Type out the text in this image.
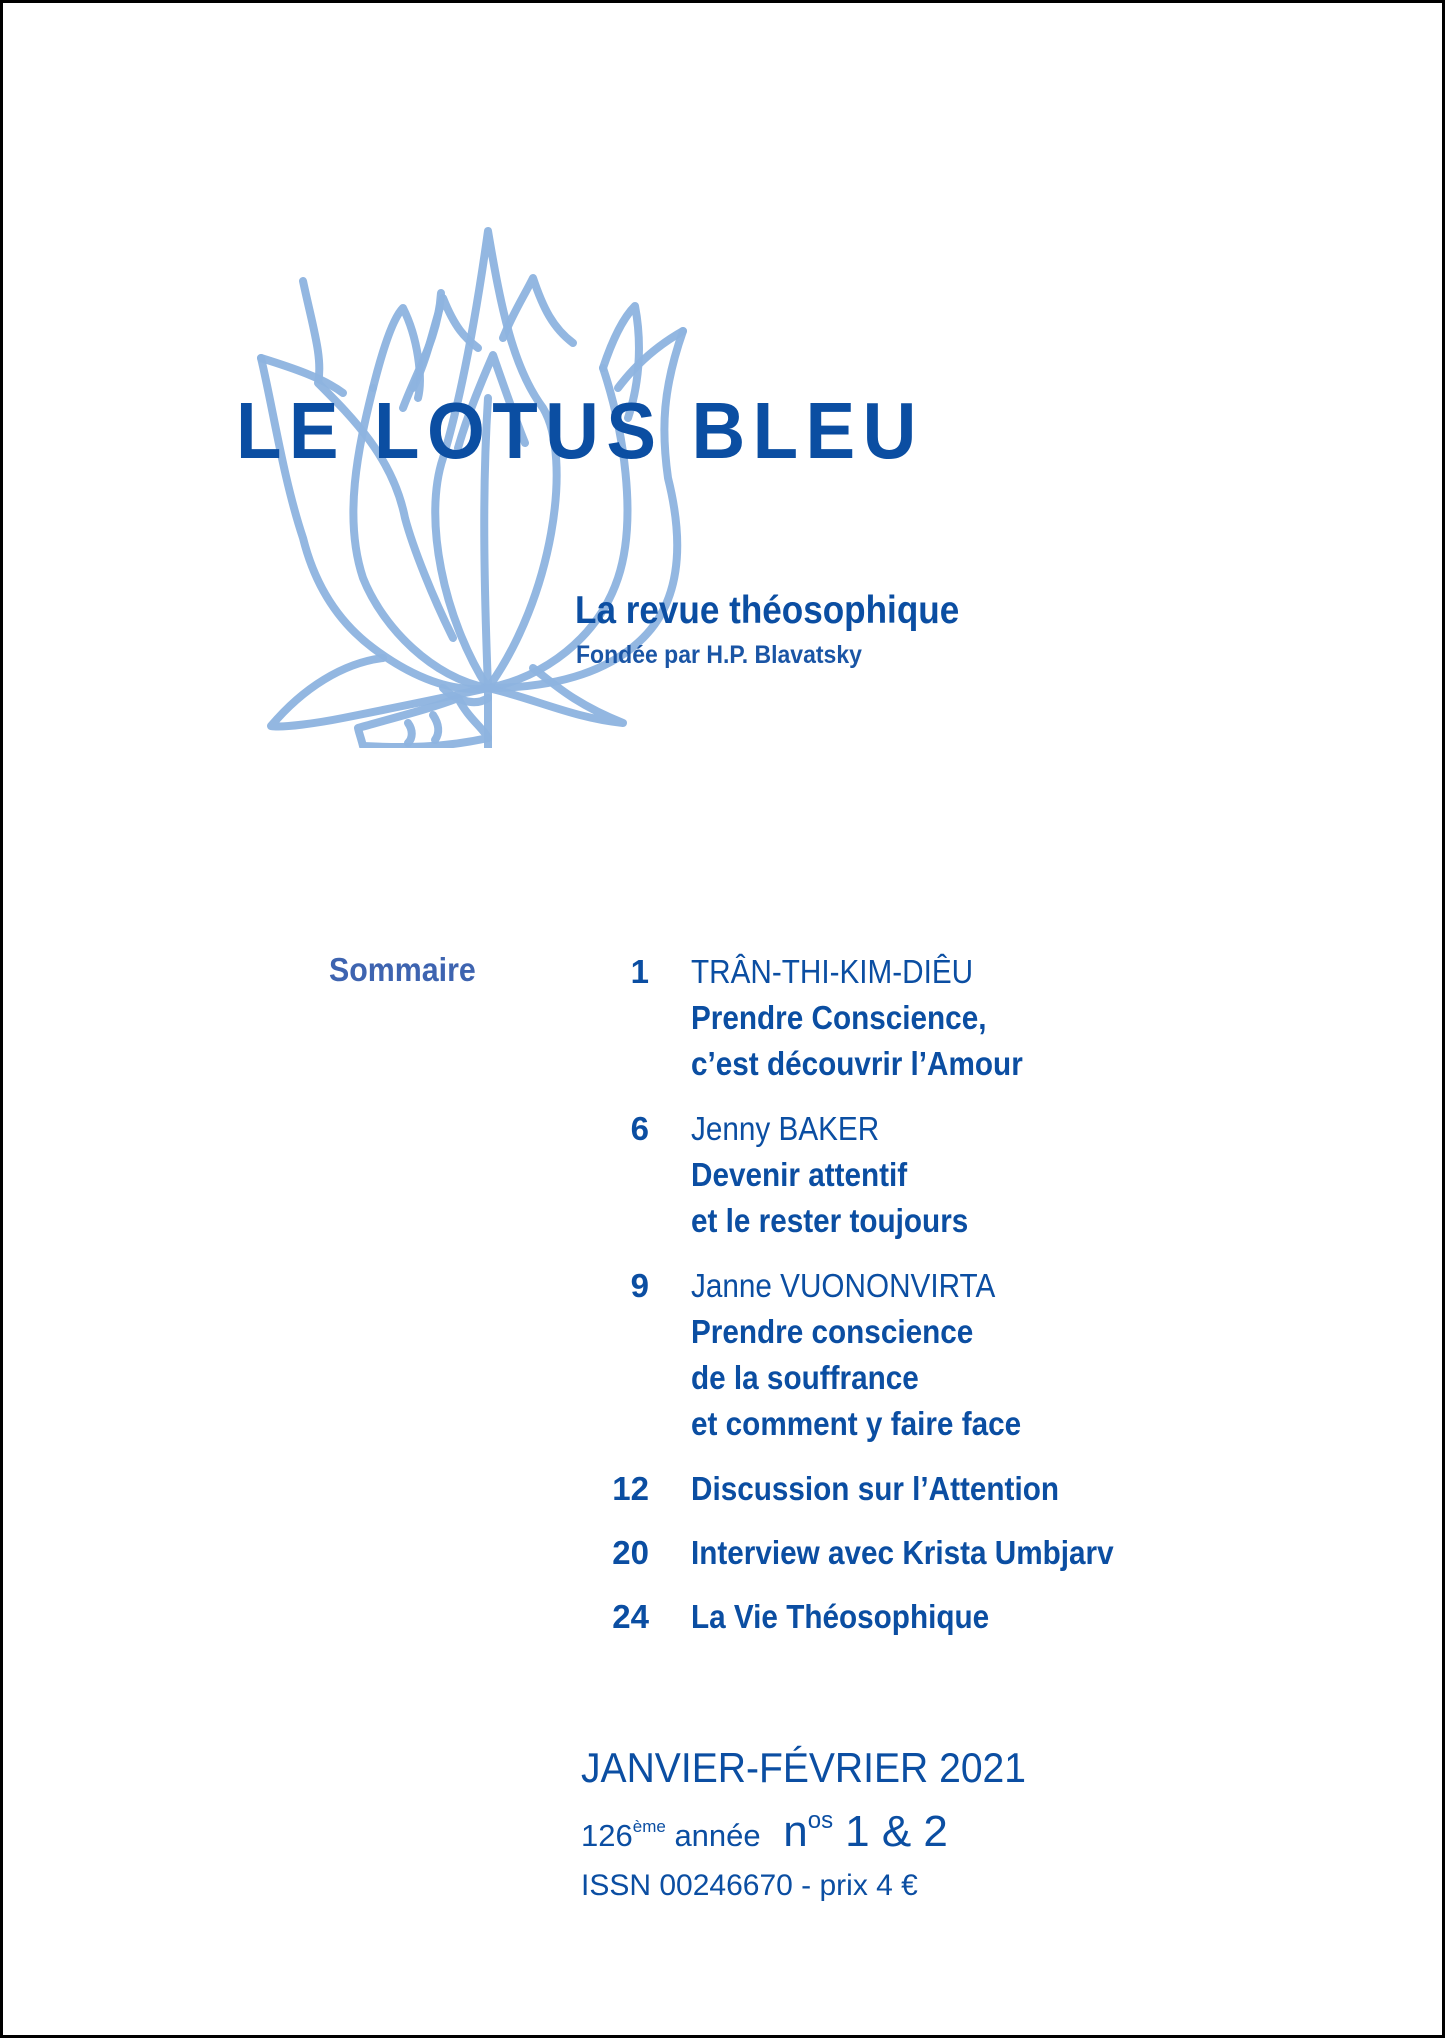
LE LOTUS BLEU
La revue théosophique
Fondée par H.P. Blavatsky
Sommaire	1 TRÂN-THI-KIM-DIÊU
Prendre Conscience,
c’est découvrir l’Amour
6 Jenny BAKER
Devenir attentif
et le rester toujours
9 Janne VUONONVIRTA
Prendre conscience
de la souffrance
et comment y faire face
12 Discussion sur l’Attention
20 Interview avec Krista Umbjarv
24 La Vie Théosophique
JANVIER-FÉVRIER 2021
126ème année $n^{os}$ 1 & 2
ISSN 00246670 - prix 4 €
